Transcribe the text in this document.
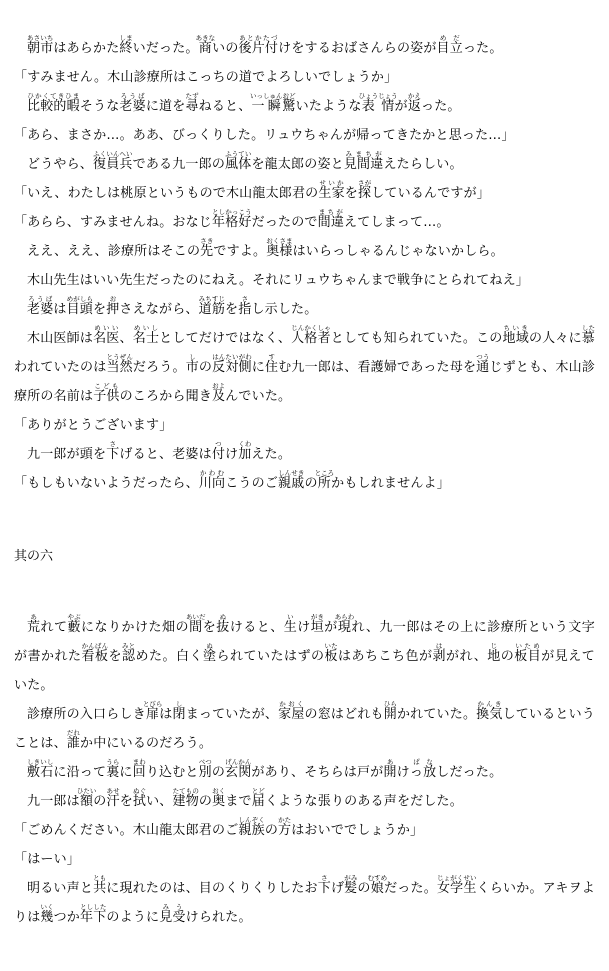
朝市あさいちはあらかた終しまいだった。商あきないの後片付あとかたづけをするおばさんらの姿が目立めだった。

「すみません。木山診療所はこっちの道でよろしいでしょうか」

比較的暇ひかくてきひまそうな老婆ろうばに道を尋たずねると、一瞬いっしゅん驚おどいたような表情ひょうじょうが返かえった。

「あら、まさか…。ああ、びっくりした。リュウちゃんが帰ってきたかと思った…」

どうやら、復員兵ふくいんへいである九一郎の風体ふうていを龍太郎の姿と見間違みまちがえたらしい。

「いえ、わたしは桃原というもので木山龍太郎君の生家せいかを探さがしているんですが」

「あらら、すみませんね。おなじ年格好としかっこうだったので間違まちがえてしまって…。

ええ、ええ、診療所はそこの先さきですよ。奥様おくさまはいらっしゃるんじゃないかしら。

木山先生はいい先生だったのにねえ。それにリュウちゃんまで戦争にとられてねえ」

老婆ろうばは目頭めがしらを押おさえながら、道筋みちすじを指さし示した。

木山医師は名医めいい、名士めいしとしてだけではなく、人格者じんかくしゃとしても知られていた。この地域ちいきの人々に慕したわれていたのは当然とうぜんだろう。市しの反対側はんたいがわに住すむ九一郎は、看護婦であった母を通つうじずとも、木山診療所の名前は子供こどものころから聞き及およんでいた。

「ありがとうございます」

九一郎が頭を下さげると、老婆は付つけ加くわえた。

「もしもいないようだったら、川向かわむこうのご親戚しんせきの所ところかもしれませんよ」

其の六

荒あれて藪やぶになりかけた畑の間あいだを抜ぬけると、生いけ垣がきが現あらわれ、九一郎はその上に診療所という文字が書かれた看板かんばんを認みとめた。白く塗ぬられていたはずの板いたはあちこち色が剥はがれ、地じの板目いためが見えていた。

診療所の入口らしき扉とびらは閉しまっていたが、家屋かおくの窓はどれも開ひらかれていた。換気かんきしているということは、誰だれか中にいるのだろう。

敷石しきいしに沿って裏うらに回まわり込むと別べつの玄関げんかんがあり、そちらは戸が開あけっ放ぱなしだった。

九一郎は額ひたいの汗あせを拭ぬぐい、建物たてものの奥おくまで届とどくような張りのある声をだした。

「ごめんください。木山龍太郎君のご親族しんぞくの方かたはおいででしょうか」

「はーい」

明るい声と共ともに現れたのは、目のくりくりしたお下さげ髪がみの娘むすめだった。女学生じょがくせいくらいか。アキヲよりは幾いくつか年下とししたのように見受みうけられた。
